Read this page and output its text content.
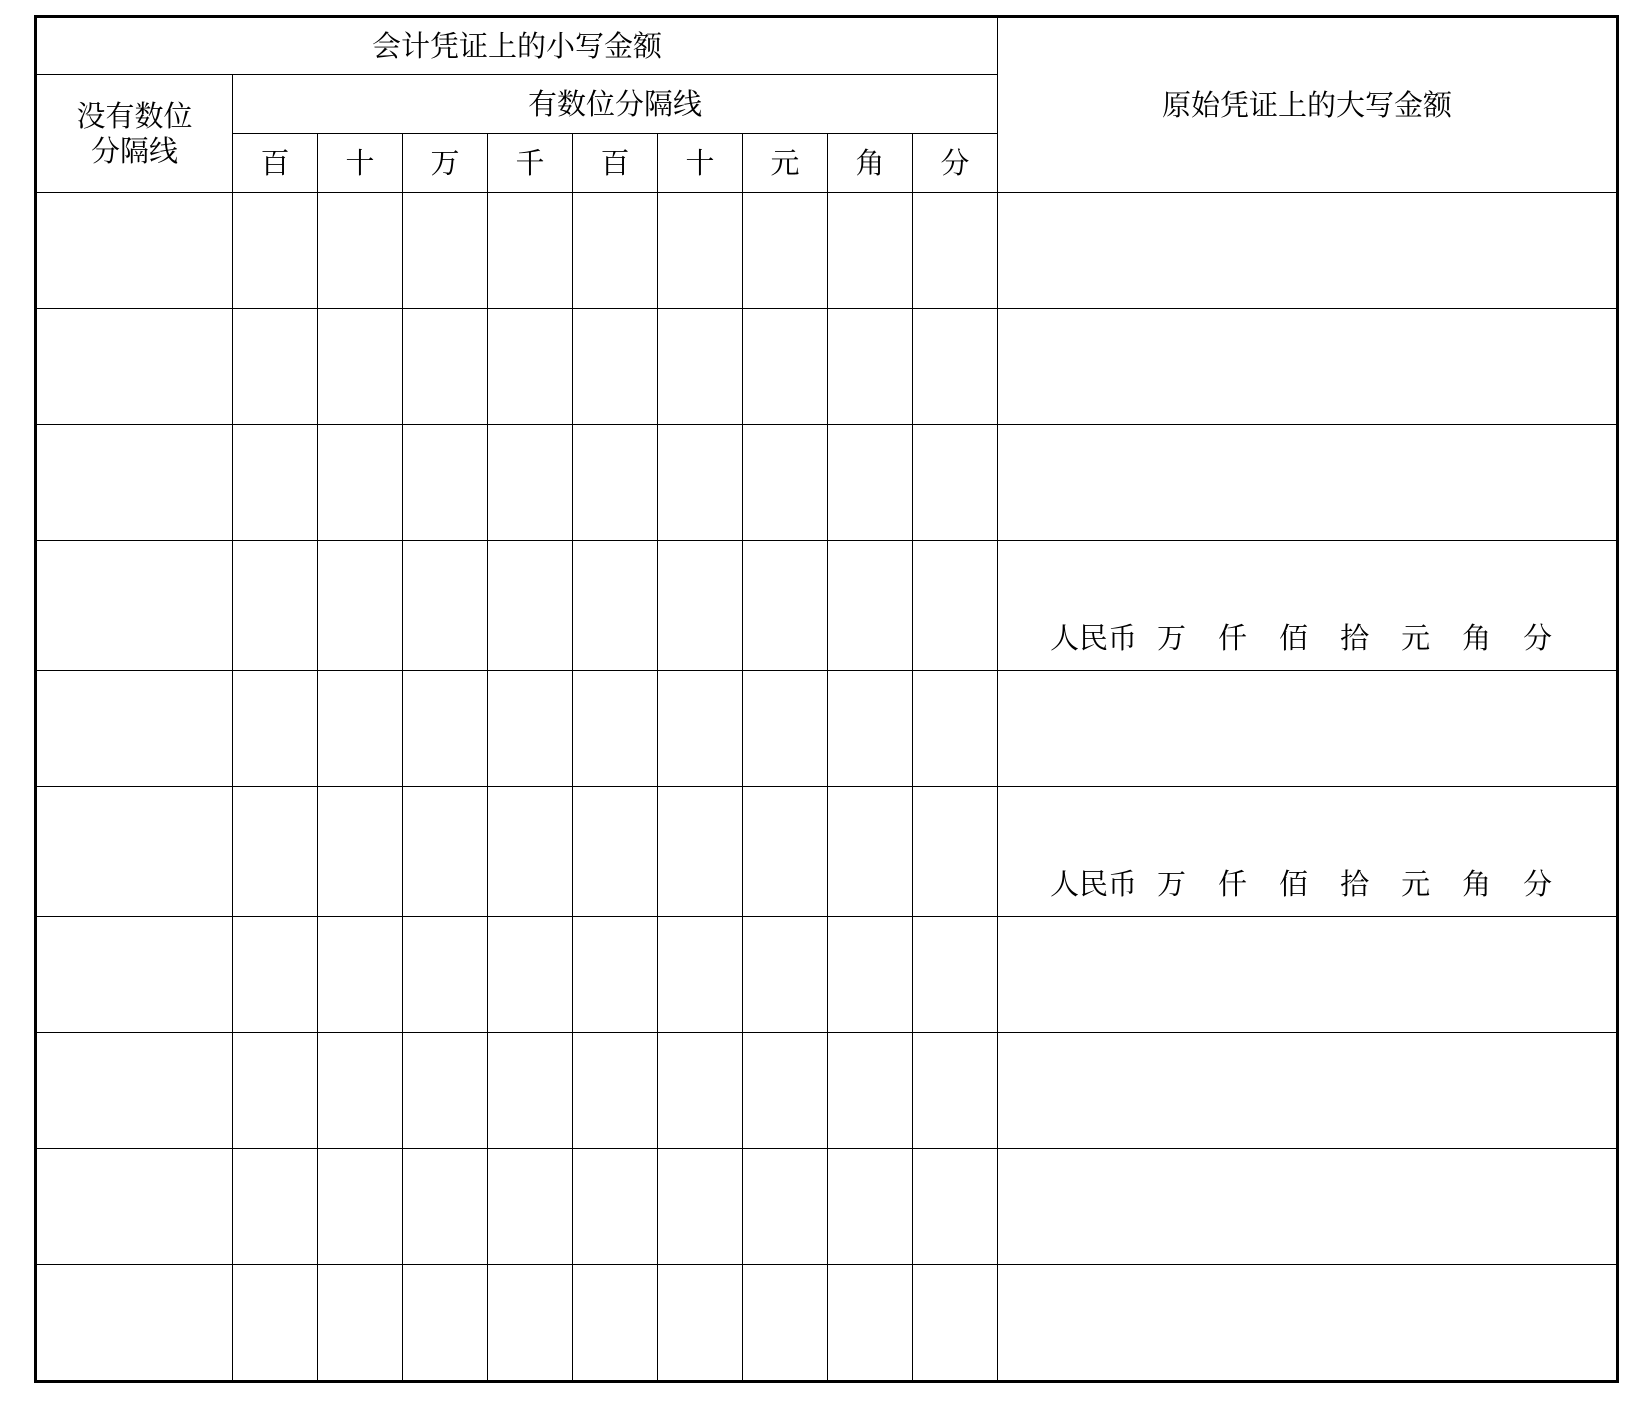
会计凭证上的小写金额										原始凭证上的大写金额

没有数位
分隔线	有数位分隔线									
	百	十	万	千	百	十	元	角	分	

										人民币 万 仟 佰 拾 元 角 分

										人民币 万 仟 佰 拾 元 角 分
